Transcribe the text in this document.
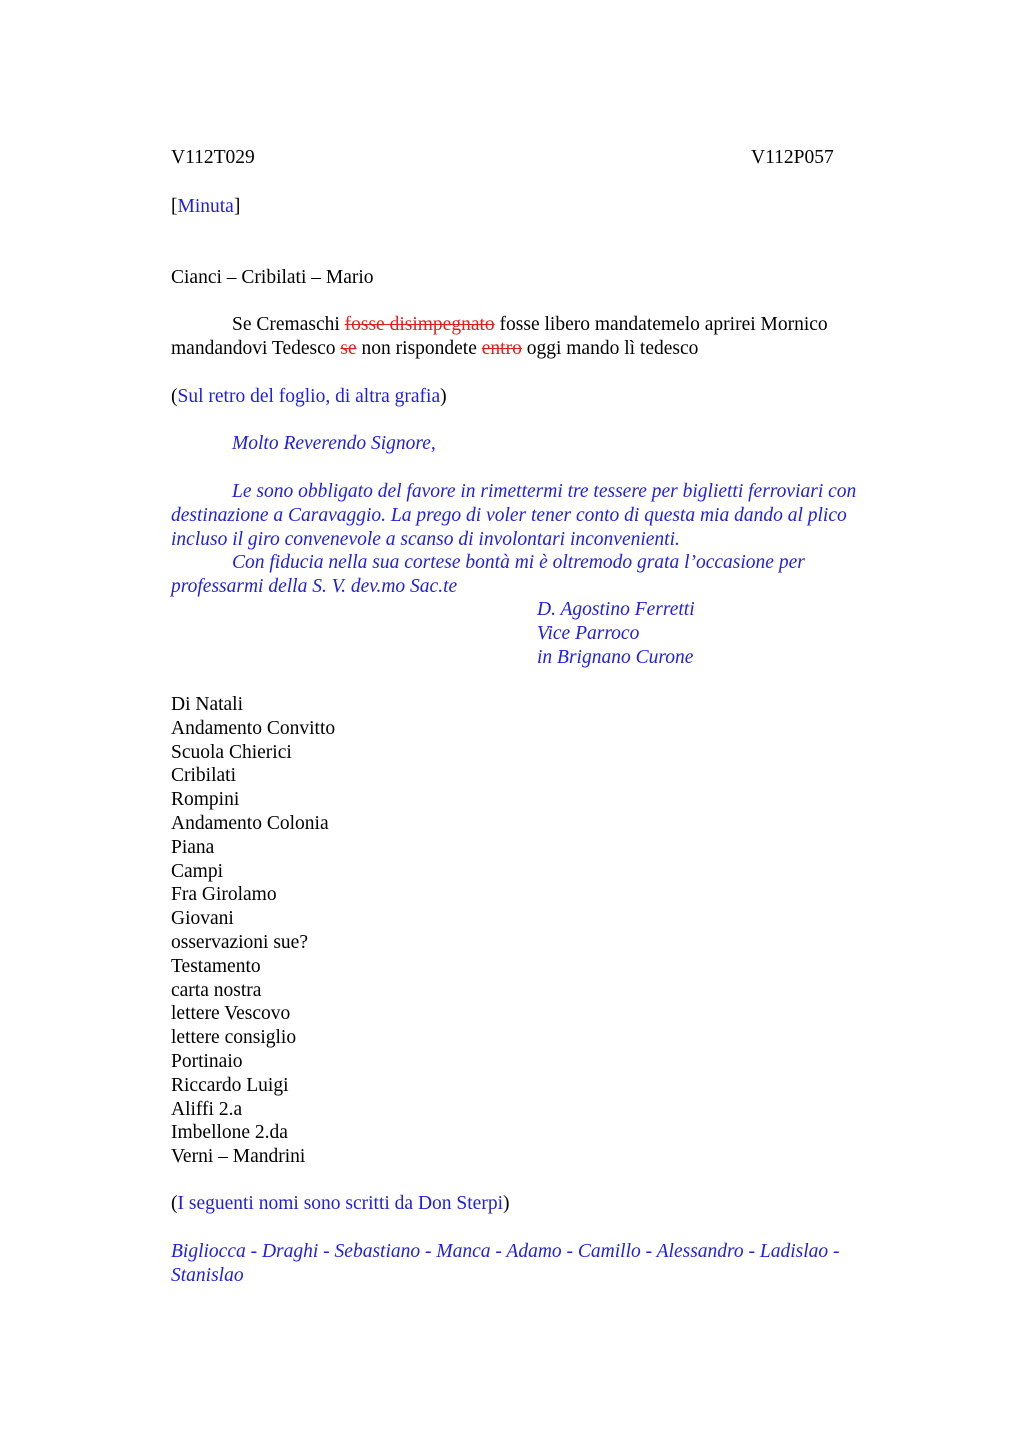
V112T029	V112P057
[Minuta]
Cianci – Cribilati – Mario

Se Cremaschi fosse disimpegnato fosse libero mandatemelo aprirei Mornico mandandovi Tedesco se non rispondete entro oggi mando lì tedesco

(Sul retro del foglio, di altra grafia)
Molto Reverendo Signore,

Le sono obbligato del favore in rimettermi tre tessere per biglietti ferroviari con destinazione a Caravaggio. La prego di voler tener conto di questa mia dando al plico incluso il giro convenevole a scanso di involontari inconvenienti.

Con fiducia nella sua cortese bontà mi è oltremodo grata l’occasione per professarmi della S. V. dev.mo Sac.te

D. Agostino Ferretti
Vice Parroco
in Brignano Curone
Di Natali
Andamento Convitto
Scuola Chierici
Cribilati
Rompini
Andamento Colonia
Piana
Campi
Fra Girolamo
Giovani
osservazioni sue?
Testamento
carta nostra
lettere Vescovo
lettere consiglio
Portinaio
Riccardo Luigi
Aliffi 2.a
Imbellone 2.da
Verni – Mandrini
(I seguenti nomi sono scritti da Don Sterpi)

Bigliocca - Draghi - Sebastiano - Manca - Adamo - Camillo - Alessandro - Ladislao - Stanislao
